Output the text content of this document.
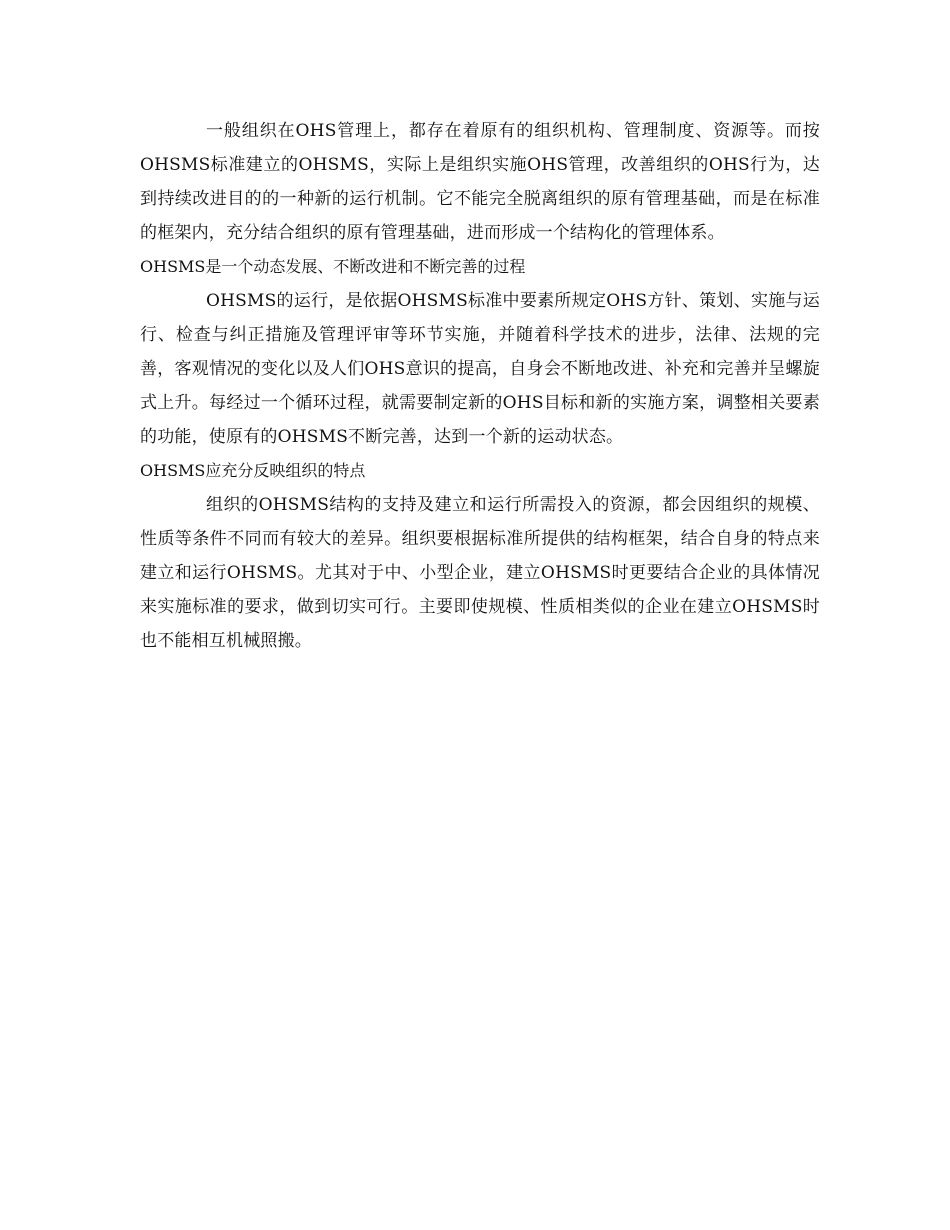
一般组织在OHS管理上，都存在着原有的组织机构、管理制度、资源等。而按OHSMS标准建立的OHSMS，实际上是组织实施OHS管理，改善组织的OHS行为，达到持续改进目的的一种新的运行机制。它不能完全脱离组织的原有管理基础，而是在标准的框架内，充分结合组织的原有管理基础，进而形成一个结构化的管理体系。

OHSMS是一个动态发展、不断改进和不断完善的过程

OHSMS的运行，是依据OHSMS标准中要素所规定OHS方针、策划、实施与运行、检查与纠正措施及管理评审等环节实施，并随着科学技术的进步，法律、法规的完善，客观情况的变化以及人们OHS意识的提高，自身会不断地改进、补充和完善并呈螺旋式上升。每经过一个循环过程，就需要制定新的OHS目标和新的实施方案，调整相关要素的功能，使原有的OHSMS不断完善，达到一个新的运动状态。

OHSMS应充分反映组织的特点

组织的OHSMS结构的支持及建立和运行所需投入的资源，都会因组织的规模、性质等条件不同而有较大的差异。组织要根据标准所提供的结构框架，结合自身的特点来建立和运行OHSMS。尤其对于中、小型企业，建立OHSMS时更要结合企业的具体情况来实施标准的要求，做到切实可行。主要即使规模、性质相类似的企业在建立OHSMS时也不能相互机械照搬。
